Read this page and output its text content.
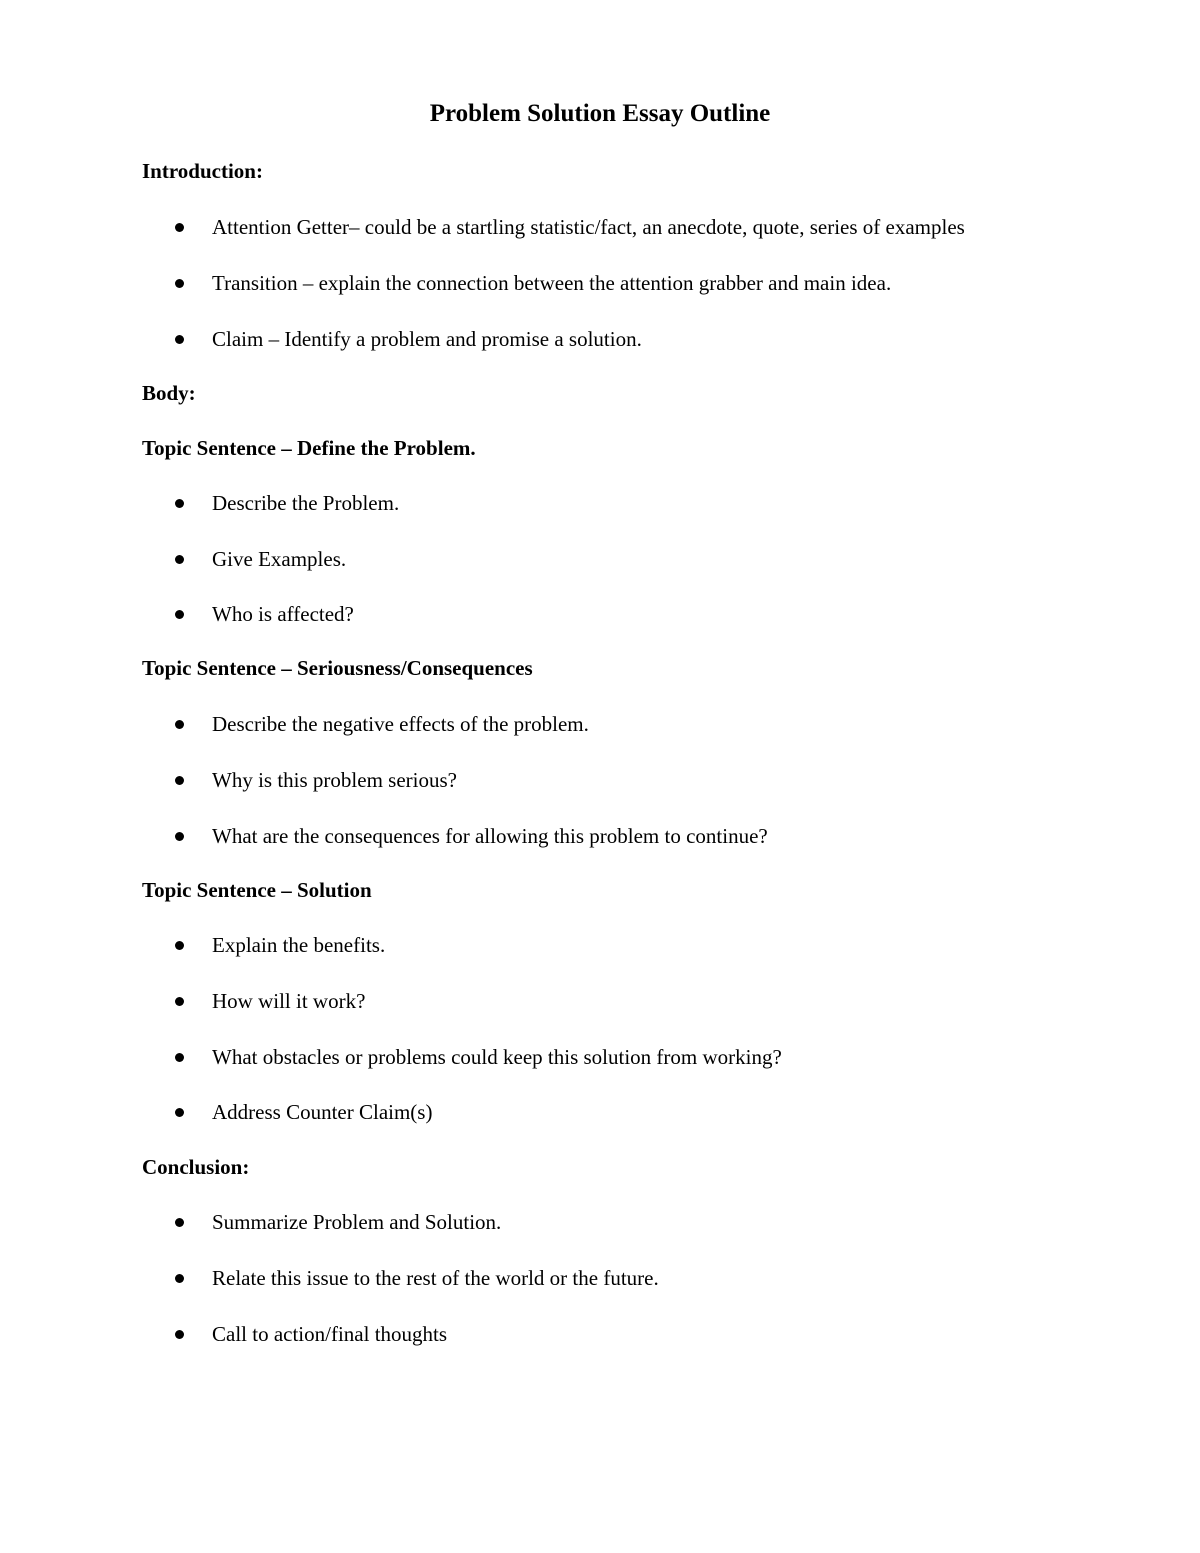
Problem Solution Essay Outline
Introduction:
Attention Getter– could be a startling statistic/fact, an anecdote, quote, series of examples
Transition – explain the connection between the attention grabber and main idea.
Claim – Identify a problem and promise a solution.
Body:
Topic Sentence – Define the Problem.
Describe the Problem.
Give Examples.
Who is affected?
Topic Sentence – Seriousness/Consequences
Describe the negative effects of the problem.
Why is this problem serious?
What are the consequences for allowing this problem to continue?
Topic Sentence – Solution
Explain the benefits.
How will it work?
What obstacles or problems could keep this solution from working?
Address Counter Claim(s)
Conclusion:
Summarize Problem and Solution.
Relate this issue to the rest of the world or the future.
Call to action/final thoughts
